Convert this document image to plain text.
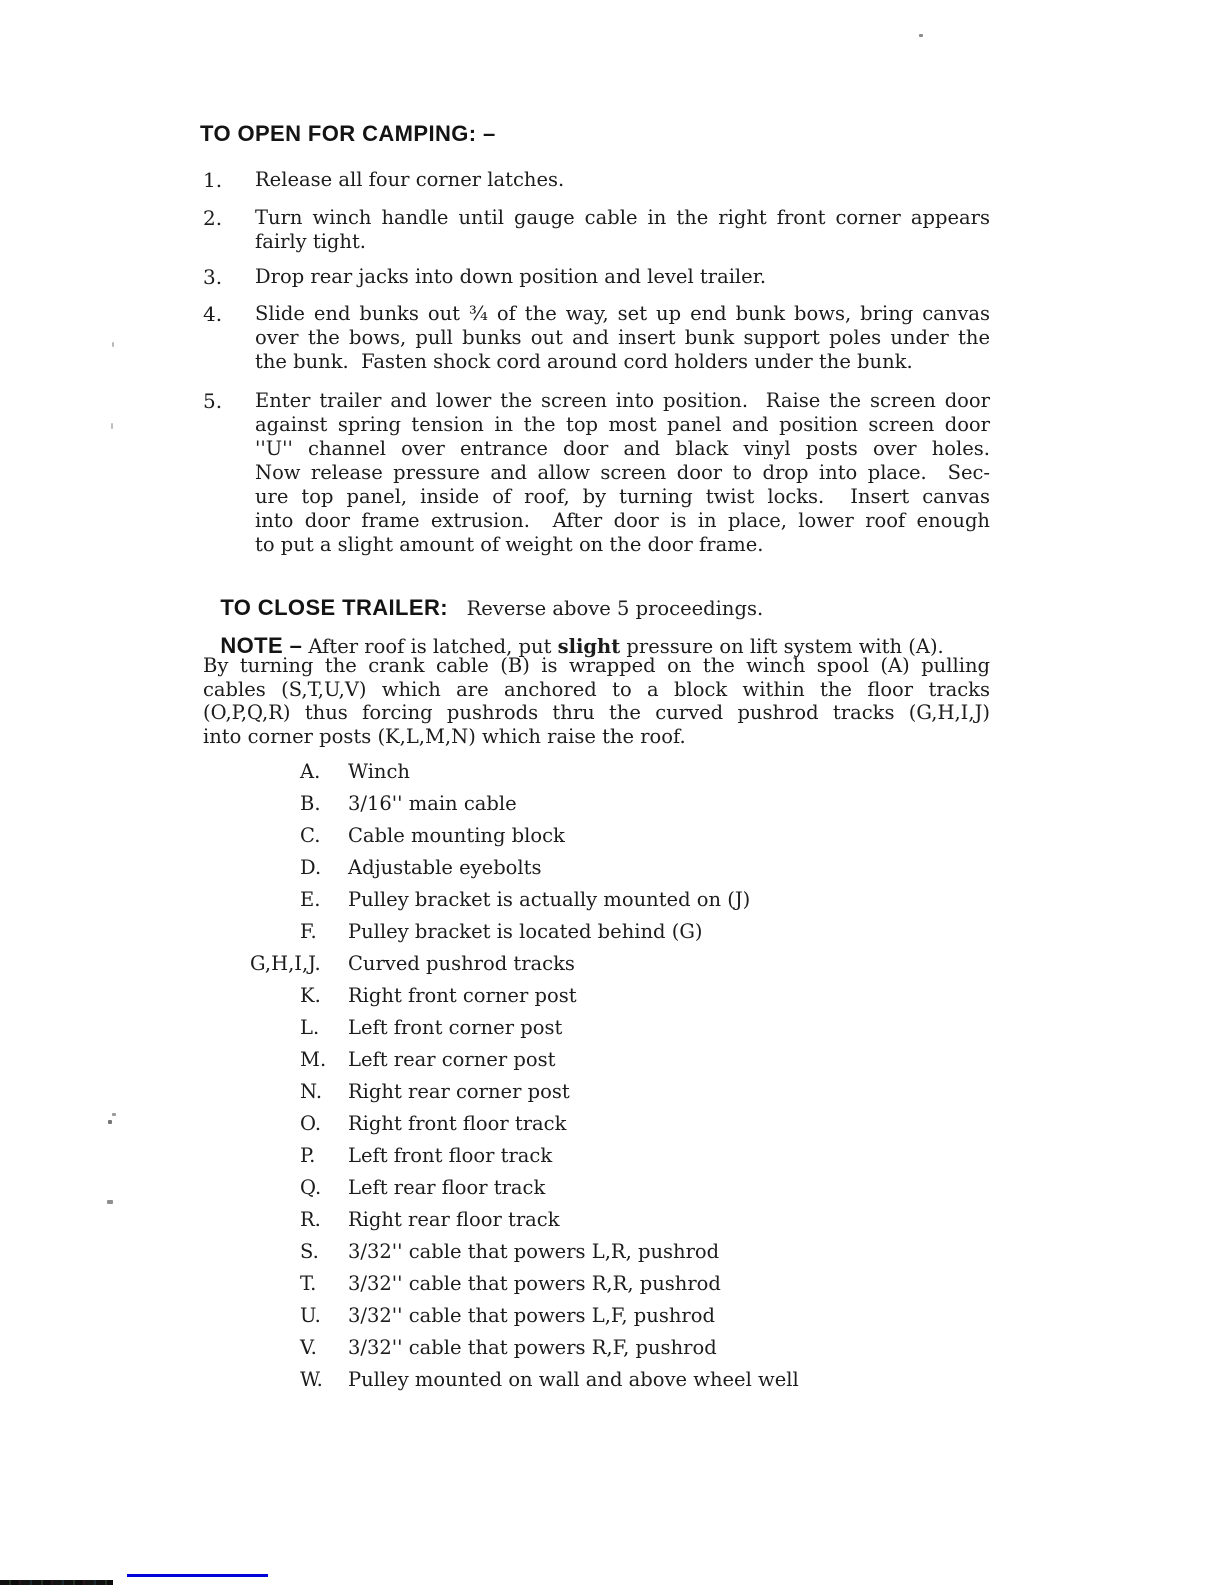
TO OPEN FOR CAMPING: –
1. Release all four corner latches.
2. Turn winch handle until gauge cable in the right front corner appears
fairly tight.
3. Drop rear jacks into down position and level trailer.
4. Slide end bunks out ¾ of the way, set up end bunk bows, bring canvas
over the bows, pull bunks out and insert bunk support poles under the
the bunk.  Fasten shock cord around cord holders under the bunk.
5. Enter trailer and lower the screen into position.  Raise the screen door
against spring tension in the top most panel and position screen door
''U'' channel over entrance door and black vinyl posts over holes.
Now release pressure and allow screen door to drop into place.  Sec-
ure top panel, inside of roof, by turning twist locks.  Insert canvas
into door frame extrusion.  After door is in place, lower roof enough
to put a slight amount of weight on the door frame.

TO CLOSE TRAILER: Reverse above 5 proceedings.

NOTE – After roof is latched, put slight pressure on lift system with (A).

By turning the crank cable (B) is wrapped on the winch spool (A) pulling
cables (S,T,U,V) which are anchored to a block within the floor tracks
(O,P,Q,R) thus forcing pushrods thru the curved pushrod tracks (G,H,I,J)
into corner posts (K,L,M,N) which raise the roof.
A. Winch
B. 3/16'' main cable
C. Cable mounting block
D. Adjustable eyebolts
E. Pulley bracket is actually mounted on (J)
F. Pulley bracket is located behind (G)
G,H,I,J. Curved pushrod tracks
K. Right front corner post
L. Left front corner post
M. Left rear corner post
N. Right rear corner post
O. Right front floor track
P. Left front floor track
Q. Left rear floor track
R. Right rear floor track
S. 3/32'' cable that powers L,R, pushrod
T. 3/32'' cable that powers R,R, pushrod
U. 3/32'' cable that powers L,F, pushrod
V. 3/32'' cable that powers R,F, pushrod
W. Pulley mounted on wall and above wheel well
